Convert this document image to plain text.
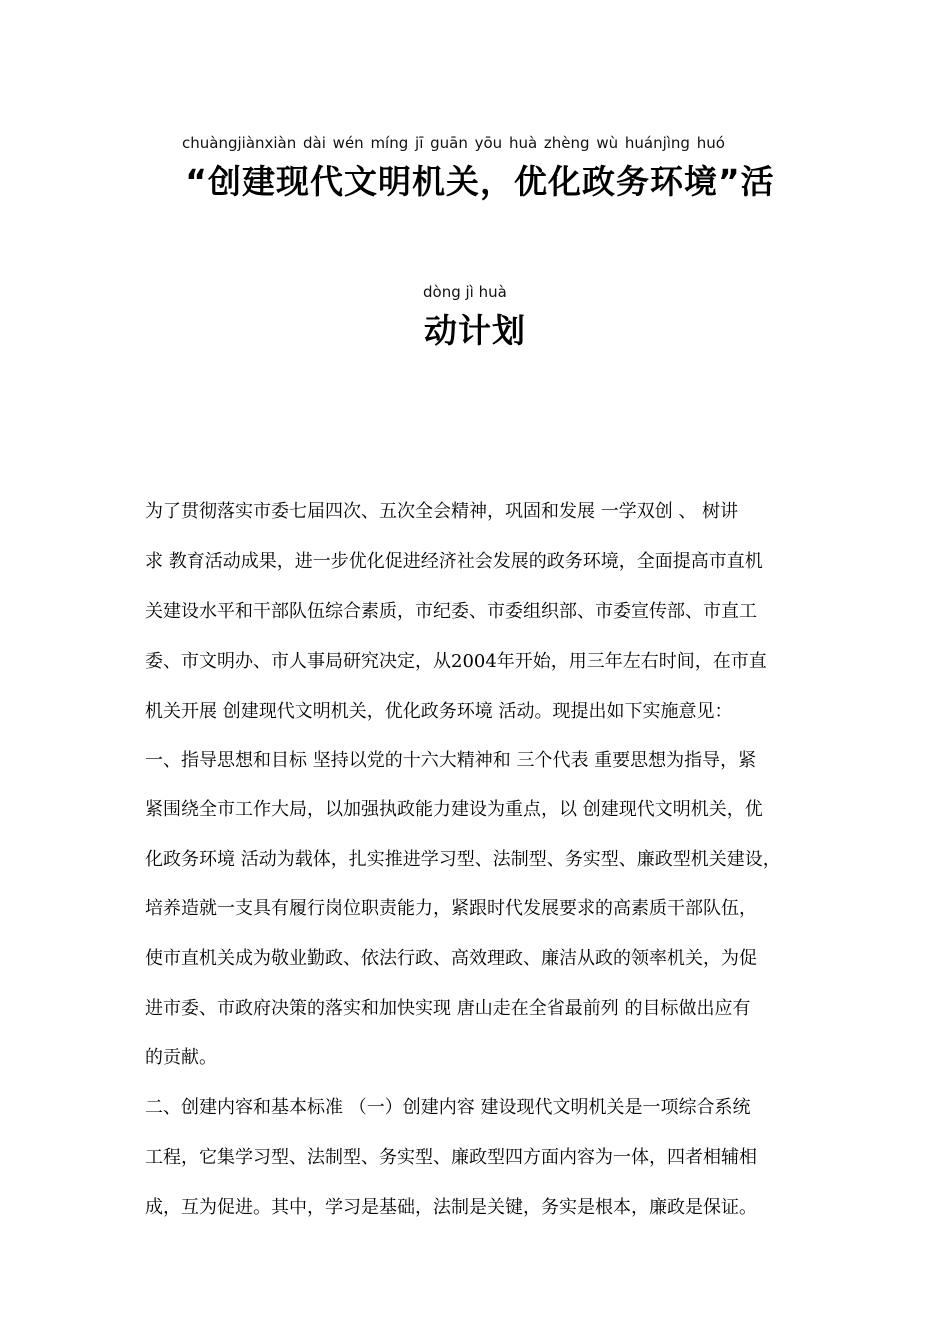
chuàngjiànxiàn dài wén míng jī guān yōu huà zhèng wù huánjìng huó
“创建现代文明机关，优化政务环境”活
dòng jì huà
动计划
为了贯彻落实市委七届四次、五次全会精神，巩固和发展 一学双创 、 树讲
求 教育活动成果，进一步优化促进经济社会发展的政务环境，全面提高市直机
关建设水平和干部队伍综合素质，市纪委、市委组织部、市委宣传部、市直工
委、市文明办、市人事局研究决定，从2004年开始，用三年左右时间，在市直
机关开展 创建现代文明机关，优化政务环境 活动。现提出如下实施意见：
一、指导思想和目标 坚持以党的十六大精神和 三个代表 重要思想为指导，紧
紧围绕全市工作大局，以加强执政能力建设为重点，以 创建现代文明机关，优
化政务环境 活动为载体，扎实推进学习型、法制型、务实型、廉政型机关建设，
培养造就一支具有履行岗位职责能力，紧跟时代发展要求的高素质干部队伍，
使市直机关成为敬业勤政、依法行政、高效理政、廉洁从政的领率机关，为促
进市委、市政府决策的落实和加快实现 唐山走在全省最前列 的目标做出应有
的贡献。
二、创建内容和基本标准 （一）创建内容 建设现代文明机关是一项综合系统
工程，它集学习型、法制型、务实型、廉政型四方面内容为一体，四者相辅相
成，互为促进。其中，学习是基础，法制是关键，务实是根本，廉政是保证。
